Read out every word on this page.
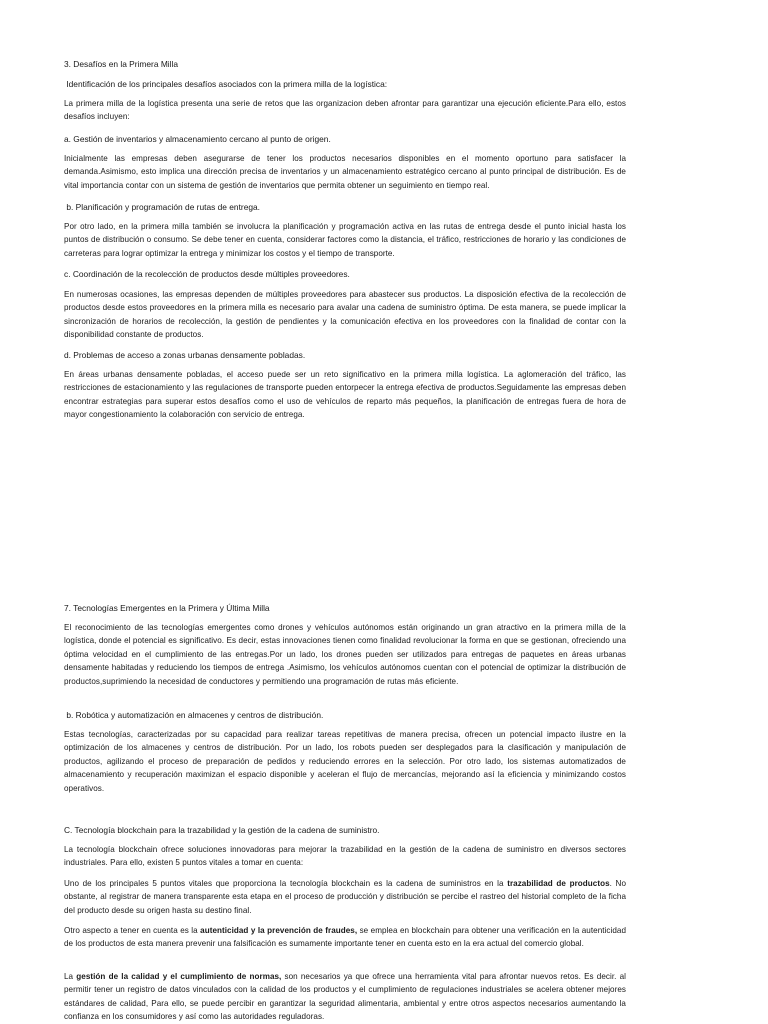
3. Desafíos en la Primera Milla

Identificación de los principales desafíos asociados con la primera milla de la logística:

La primera milla de la logística presenta una serie de retos que las organizacion deben afrontar para garantizar una ejecución eficiente.Para ello, estos desafíos incluyen:

a. Gestión de inventarios y almacenamiento cercano al punto de origen.

Inicialmente las empresas deben asegurarse de tener los productos necesarios disponibles en el momento oportuno para satisfacer la demanda.Asimismo, esto implica una dirección precisa de inventarios y un almacenamiento estratégico cercano al punto principal de distribución. Es de vital importancia contar con un sistema de gestión de inventarios que permita obtener un seguimiento en tiempo real.

b. Planificación y programación de rutas de entrega.

Por otro lado, en la primera milla también se involucra la planificación y programación activa en las rutas de entrega desde el punto inicial hasta los puntos de distribución o consumo. Se debe tener en cuenta, considerar factores como la distancia, el tráfico, restricciones de horario y las condiciones de carreteras para lograr optimizar la entrega y minimizar los costos y el tiempo de transporte.

c. Coordinación de la recolección de productos desde múltiples proveedores.

En numerosas ocasiones, las empresas dependen de múltiples proveedores para abastecer sus productos. La disposición efectiva de la recolección de productos desde estos proveedores en la primera milla es necesario para avalar una cadena de suministro óptima. De esta manera, se puede implicar la sincronización de horarios de recolección, la gestión de pendientes y la comunicación efectiva en los proveedores con la finalidad de contar con la disponibilidad constante de productos.

d. Problemas de acceso a zonas urbanas densamente pobladas.

En áreas urbanas densamente pobladas, el acceso puede ser un reto significativo en la primera milla logística. La aglomeración del tráfico, las restricciones de estacionamiento y las regulaciones de transporte pueden entorpecer la entrega efectiva de productos.Seguidamente las empresas deben encontrar estrategias para superar estos desafíos como el uso de vehículos de reparto más pequeños, la planificación de entregas fuera de hora de mayor congestionamiento la colaboración con servicio de entrega.

7. Tecnologías Emergentes en la Primera y Última Milla

El reconocimiento de las tecnologías emergentes como drones y vehículos autónomos están originando un gran atractivo en la primera milla de la logística, donde el potencial es significativo. Es decir, estas innovaciones tienen como finalidad revolucionar la forma en que se gestionan, ofreciendo una óptima velocidad en el cumplimiento de las entregas.Por un lado, los drones pueden ser utilizados para entregas de paquetes en áreas urbanas densamente habitadas y reduciendo los tiempos de entrega .Asimismo, los vehículos autónomos cuentan con el potencial de optimizar la distribución de productos,suprimiendo la necesidad de conductores y permitiendo una programación de rutas más eficiente.

b. Robótica y automatización en almacenes y centros de distribución.

Estas tecnologías, caracterizadas por su capacidad para realizar tareas repetitivas de manera precisa, ofrecen un potencial impacto ilustre en la optimización de los almacenes y centros de distribución. Por un lado, los robots pueden ser desplegados para la clasificación y manipulación de productos, agilizando el proceso de preparación de pedidos y reduciendo errores en la selección. Por otro lado, los sistemas automatizados de almacenamiento y recuperación maximizan el espacio disponible y aceleran el flujo de mercancías, mejorando así la eficiencia y minimizando costos operativos.

C. Tecnología blockchain para la trazabilidad y la gestión de la cadena de suministro.

La tecnología blockchain ofrece soluciones innovadoras para mejorar la trazabilidad en la gestión de la cadena de suministro en diversos sectores industriales. Para ello, existen 5 puntos vitales a tomar en cuenta:

Uno de los principales 5 puntos vitales que proporciona la tecnología blockchain es la cadena de suministros en la trazabilidad de productos. No obstante, al registrar de manera transparente esta etapa en el proceso de producción y distribución se percibe el rastreo del historial completo de la ficha del producto desde su origen hasta su destino final.

Otro aspecto a tener en cuenta es la autenticidad y la prevención de fraudes, se emplea en blockchain para obtener una verificación en la autenticidad de los productos de esta manera prevenir una falsificación es sumamente importante tener en cuenta esto en la era actual del comercio global.

La gestión de la calidad y el cumplimiento de normas, son necesarios ya que ofrece una herramienta vital para afrontar nuevos retos. Es decir. al permitir tener un registro de datos vinculados con la calidad de los productos y el cumplimiento de regulaciones industriales se acelera obtener mejores estándares de calidad, Para ello, se puede percibir en garantizar la seguridad alimentaria, ambiental y entre otros aspectos necesarios aumentando la confianza en los consumidores y así como las autoridades reguladoras.
